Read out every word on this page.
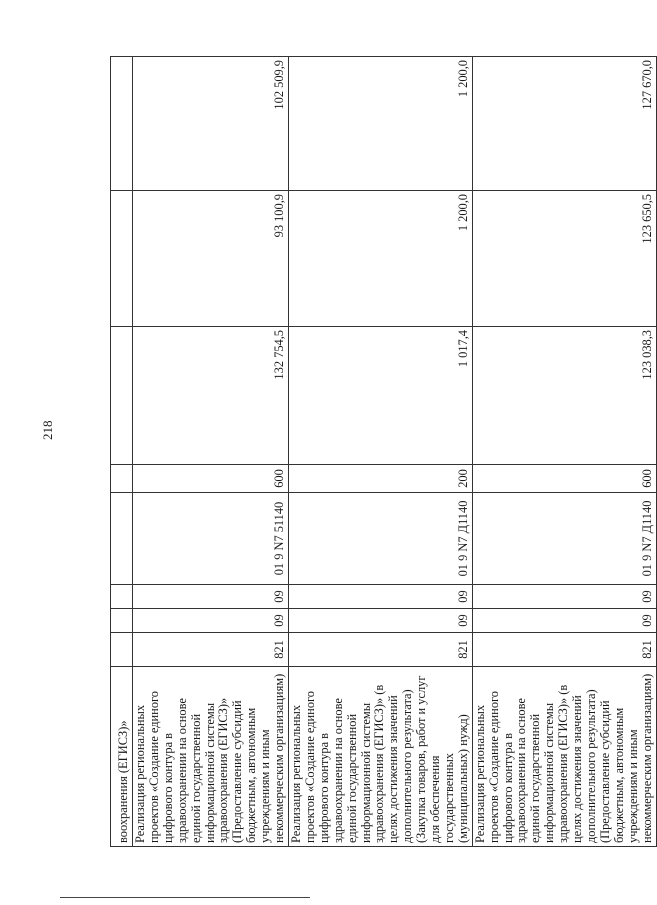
218
воохранения (ЕГИСЗ)»								
Реализация региональных проектов «Создание единого цифрового контура в здравоохранении на основе единой государственной информационной системы здравоохранения (ЕГИСЗ)» (Предоставление субсидий бюджетным, автономным учреждениям и иным некоммерческим организациям)	821	09	09	01 9 N7 51140	600	132 754,5	93 100,9	102 509,9
Реализация региональных проектов «Создание единого цифрового контура в здравоохранении на основе единой государственной информационной системы здравоохранения (ЕГИСЗ)» (в целях достижения значений дополнительного результата) (Закупка товаров, работ и услуг для обеспечения государственных (муниципальных) нужд)	821	09	09	01 9 N7 Д1140	200	1 017,4	1 200,0	1 200,0
Реализация региональных проектов «Создание единого цифрового контура в здравоохранении на основе единой государственной информационной системы здравоохранения (ЕГИСЗ)» (в целях достижения значений дополнительного результата) (Предоставление субсидий бюджетным, автономным учреждениям и иным некоммерческим организациям)	821	09	09	01 9 N7 Д1140	600	123 038,3	123 650,5	127 670,0
